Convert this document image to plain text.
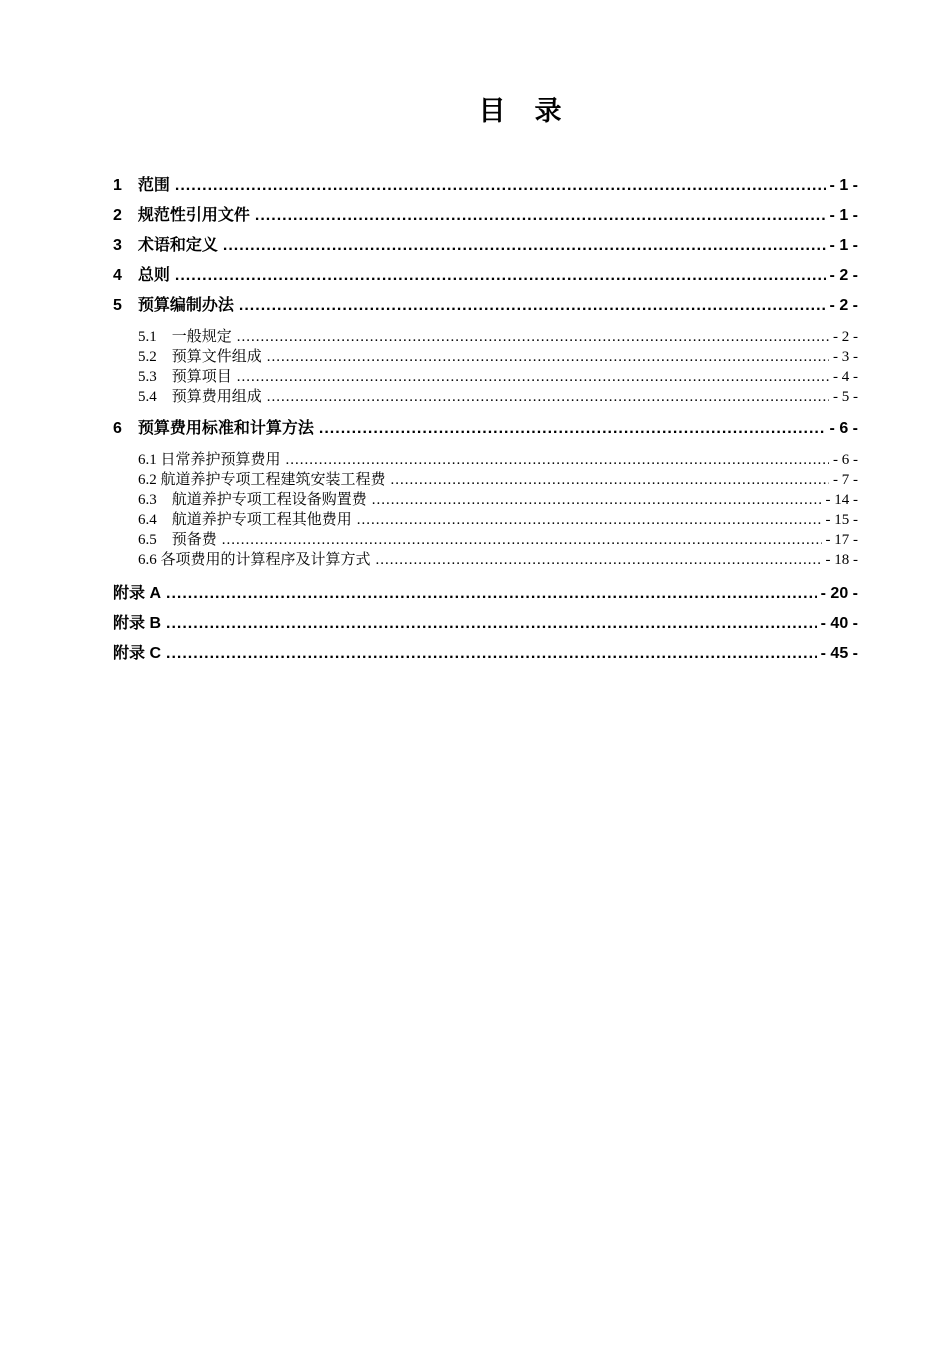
目　录
1　范围 .....	- 1 -
2　规范性引用文件 .....	- 1 -
3　术语和定义 .....	- 1 -
4　总则 .....	- 2 -
5　预算编制办法 .....	- 2 -
5.1　一般规定 .....	- 2 -
5.2　预算文件组成 .....	- 3 -
5.3　预算项目 .....	- 4 -
5.4　预算费用组成 .....	- 5 -
6　预算费用标准和计算方法 .....	- 6 -
6.1 日常养护预算费用 .....	- 6 -
6.2 航道养护专项工程建筑安装工程费 .....	- 7 -
6.3　航道养护专项工程设备购置费 .....	- 14 -
6.4　航道养护专项工程其他费用 .....	- 15 -
6.5　预备费 .....	- 17 -
6.6 各项费用的计算程序及计算方式 .....	- 18 -
附录 A .....	- 20 -
附录 B .....	- 40 -
附录 C .....	- 45 -
